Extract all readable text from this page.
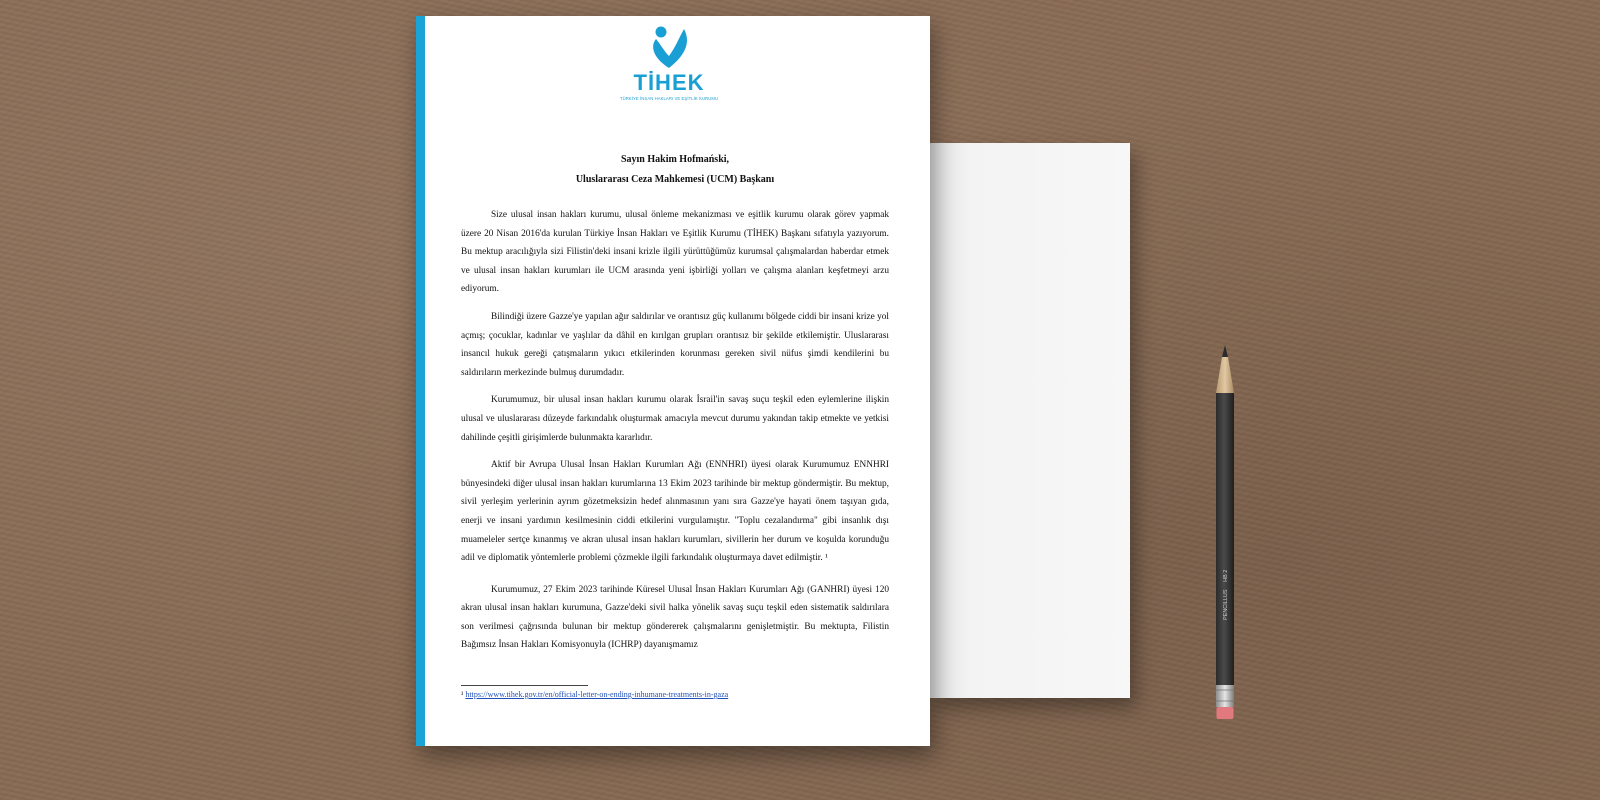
TİHEK
TÜRKİYE İNSAN HAKLARI VE EŞİTLİK KURUMU
Sayın Hakim Hofmański,
Uluslararası Ceza Mahkemesi (UCM) Başkanı

Size ulusal insan hakları kurumu, ulusal önleme mekanizması ve eşitlik kurumu olarak görev yapmak üzere 20 Nisan 2016'da kurulan Türkiye İnsan Hakları ve Eşitlik Kurumu (TİHEK) Başkanı sıfatıyla yazıyorum. Bu mektup aracılığıyla sizi Filistin'deki insani krizle ilgili yürüttüğümüz kurumsal çalışmalardan haberdar etmek ve ulusal insan hakları kurumları ile UCM arasında yeni işbirliği yolları ve çalışma alanları keşfetmeyi arzu ediyorum.

Bilindiği üzere Gazze'ye yapılan ağır saldırılar ve orantısız güç kullanımı bölgede ciddi bir insani krize yol açmış; çocuklar, kadınlar ve yaşlılar da dâhil en kırılgan grupları orantısız bir şekilde etkilemiştir. Uluslararası insancıl hukuk gereği çatışmaların yıkıcı etkilerinden korunması gereken sivil nüfus şimdi kendilerini bu saldırıların merkezinde bulmuş durumdadır.

Kurumumuz, bir ulusal insan hakları kurumu olarak İsrail'in savaş suçu teşkil eden eylemlerine ilişkin ulusal ve uluslararası düzeyde farkındalık oluşturmak amacıyla mevcut durumu yakından takip etmekte ve yetkisi dahilinde çeşitli girişimlerde bulunmakta kararlıdır.

Aktif bir Avrupa Ulusal İnsan Hakları Kurumları Ağı (ENNHRI) üyesi olarak Kurumumuz ENNHRI bünyesindeki diğer ulusal insan hakları kurumlarına 13 Ekim 2023 tarihinde bir mektup göndermiştir. Bu mektup, sivil yerleşim yerlerinin ayrım gözetmeksizin hedef alınmasının yanı sıra Gazze'ye hayati önem taşıyan gıda, enerji ve insani yardımın kesilmesinin ciddi etkilerini vurgulamıştır. "Toplu cezalandırma" gibi insanlık dışı muameleler sertçe kınanmış ve akran ulusal insan hakları kurumları, sivillerin her durum ve koşulda korunduğu adil ve diplomatik yöntemlerle problemi çözmekle ilgili farkındalık oluşturmaya davet edilmiştir. ¹

Kurumumuz, 27 Ekim 2023 tarihinde Küresel Ulusal İnsan Hakları Kurumları Ağı (GANHRI) üyesi 120 akran ulusal insan hakları kurumuna, Gazze'deki sivil halka yönelik savaş suçu teşkil eden sistematik saldırılara son verilmesi çağrısında bulunan bir mektup göndererek çalışmalarını genişletmiştir. Bu mektupta, Filistin Bağımsız İnsan Hakları Komisyonuyla (ICHRP) dayanışmamız

¹ https://www.tihek.gov.tr/en/official-letter-on-ending-inhumane-treatments-in-gaza
PENCILLUS HB 2
